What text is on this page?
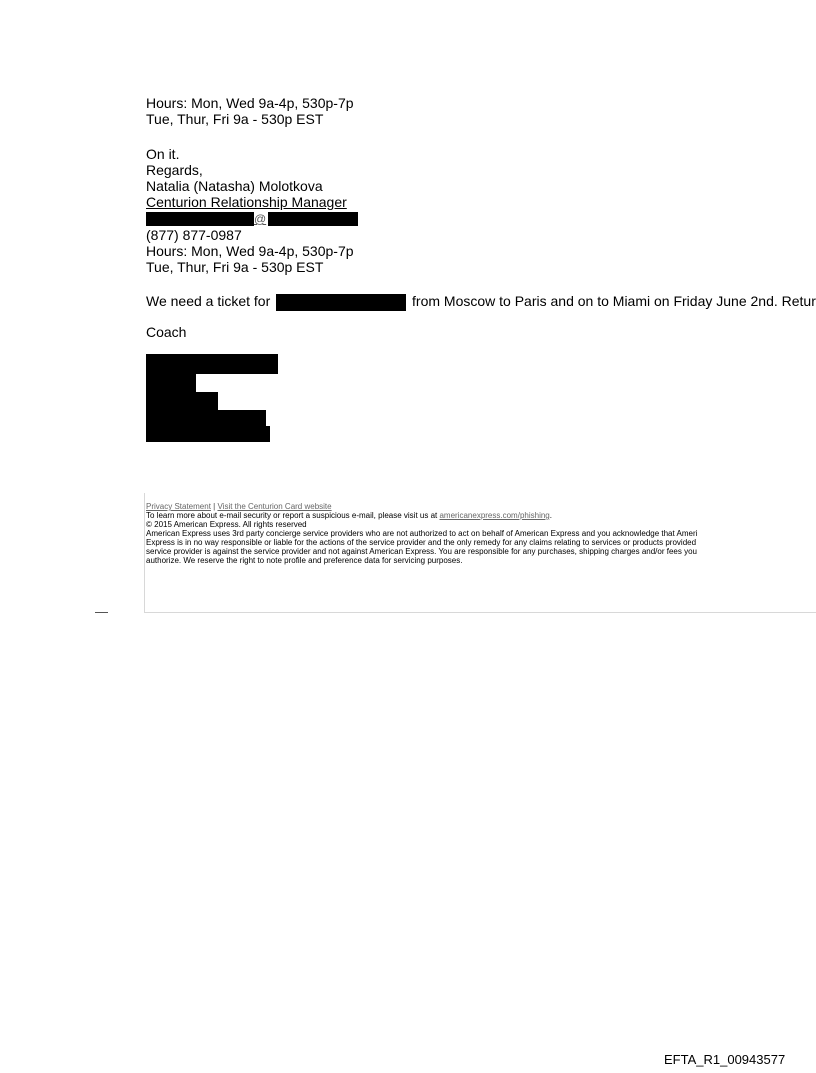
Hours: Mon, Wed 9a-4p, 530p-7p
Tue, Thur, Fri 9a - 530p EST
On it.
Regards,
Natalia (Natasha) Molotkova
Centurion Relationship Manager
@
(877) 877-0987
Hours: Mon, Wed 9a-4p, 530p-7p
Tue, Thur, Fri 9a - 530p EST
We need a ticket for	from Moscow to Paris and on to Miami on Friday June 2nd. Retur
Coach
Privacy Statement | Visit the Centurion Card website
To learn more about e-mail security or report a suspicious e-mail, please visit us at americanexpress.com/phishing.
© 2015 American Express. All rights reserved
American Express uses 3rd party concierge service providers who are not authorized to act on behalf of American Express and you acknowledge that Ameri
Express is in no way responsible or liable for the actions of the service provider and the only remedy for any claims relating to services or products provided
service provider is against the service provider and not against American Express. You are responsible for any purchases, shipping charges and/or fees you
authorize. We reserve the right to note profile and preference data for servicing purposes.
EFTA_R1_00943577
